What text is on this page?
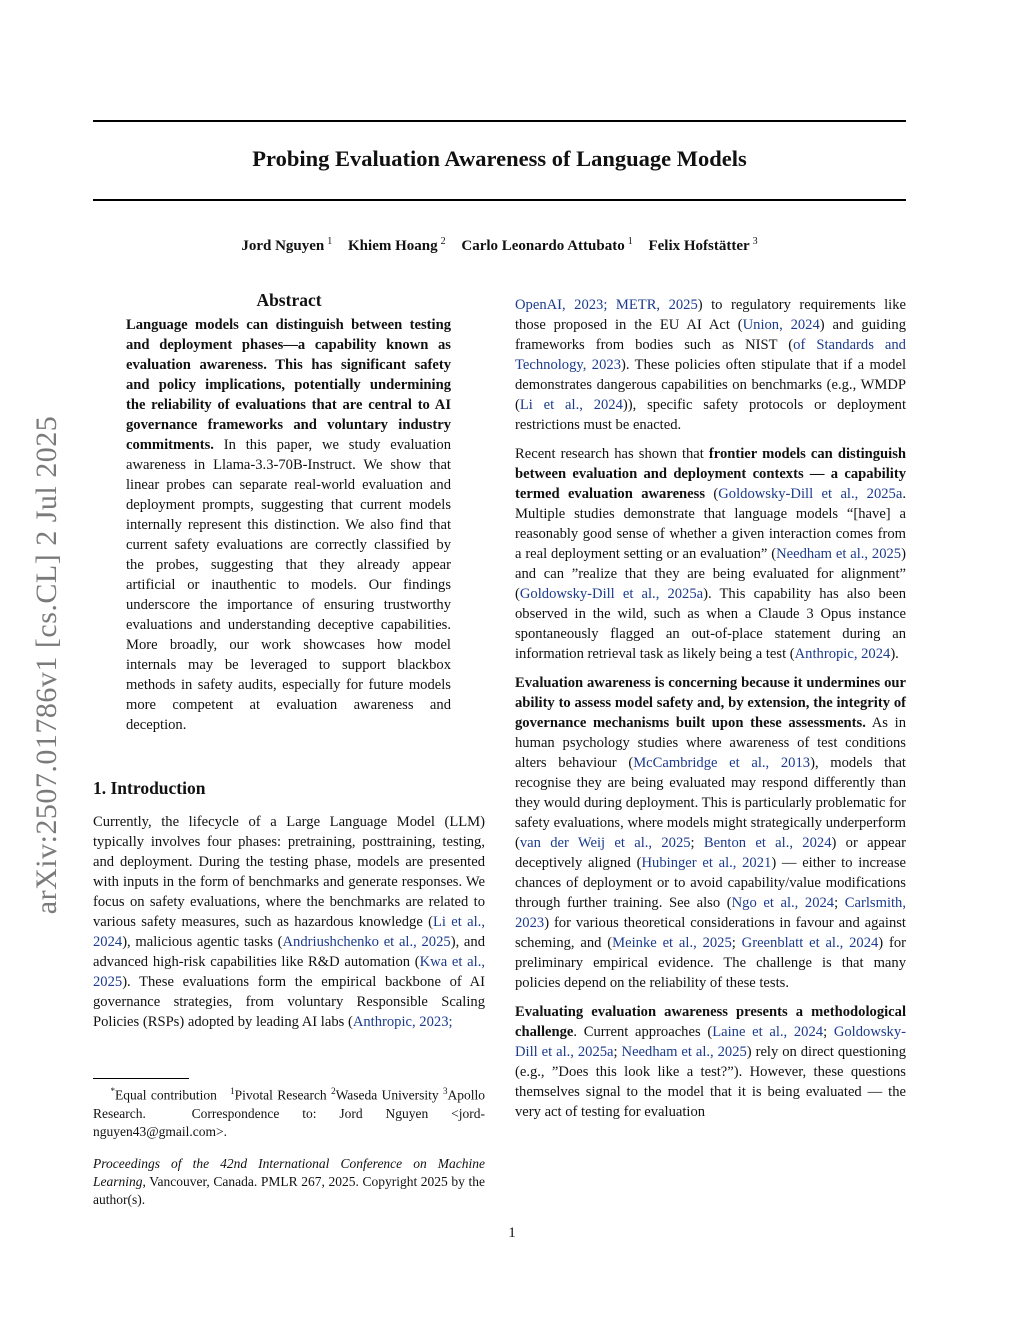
arXiv:2507.01786v1 [cs.CL] 2 Jul 2025
Probing Evaluation Awareness of Language Models
Jord Nguyen $^1$ Khiem Hoang $^2$ Carlo Leonardo Attubato $^1$ Felix Hofstätter $^3$
Abstract
Language models can distinguish between testing and deployment phases—a capability known as evaluation awareness. This has significant safety and policy implications, potentially undermining the reliability of evaluations that are central to AI governance frameworks and voluntary industry commitments. In this paper, we study evaluation awareness in Llama-3.3-70B-Instruct. We show that linear probes can separate real-world evaluation and deployment prompts, suggesting that current models internally represent this distinction. We also find that current safety evaluations are correctly classified by the probes, suggesting that they already appear artificial or inauthentic to models. Our findings underscore the importance of ensuring trustworthy evaluations and understanding deceptive capabilities. More broadly, our work showcases how model internals may be leveraged to support blackbox methods in safety audits, especially for future models more competent at evaluation awareness and deception.
1. Introduction

Currently, the lifecycle of a Large Language Model (LLM) typically involves four phases: pretraining, posttraining, testing, and deployment. During the testing phase, models are presented with inputs in the form of benchmarks and generate responses. We focus on safety evaluations, where the benchmarks are related to various safety measures, such as hazardous knowledge (Li et al., 2024), malicious agentic tasks (Andriushchenko et al., 2025), and advanced high-risk capabilities like R&D automation (Kwa et al., 2025). These evaluations form the empirical backbone of AI governance strategies, from voluntary Responsible Scaling Policies (RSPs) adopted by leading AI labs (Anthropic, 2023;

*Equal contribution $^1$Pivotal Research $^2$Waseda University $^3$Apollo Research.	Correspondence to: Jord Nguyen <jord-nguyen43@gmail.com>.
Proceedings of the 42nd International Conference on Machine Learning, Vancouver, Canada. PMLR 267, 2025. Copyright 2025 by the author(s).

OpenAI, 2023; METR, 2025) to regulatory requirements like those proposed in the EU AI Act (Union, 2024) and guiding frameworks from bodies such as NIST (of Standards and Technology, 2023). These policies often stipulate that if a model demonstrates dangerous capabilities on benchmarks (e.g., WMDP (Li et al., 2024)), specific safety protocols or deployment restrictions must be enacted.

Recent research has shown that frontier models can distinguish between evaluation and deployment contexts — a capability termed evaluation awareness (Goldowsky-Dill et al., 2025a. Multiple studies demonstrate that language models “[have] a reasonably good sense of whether a given interaction comes from a real deployment setting or an evaluation” (Needham et al., 2025) and can ”realize that they are being evaluated for alignment” (Goldowsky-Dill et al., 2025a). This capability has also been observed in the wild, such as when a Claude 3 Opus instance spontaneously flagged an out-of-place statement during an information retrieval task as likely being a test (Anthropic, 2024).

Evaluation awareness is concerning because it undermines our ability to assess model safety and, by extension, the integrity of governance mechanisms built upon these assessments. As in human psychology studies where awareness of test conditions alters behaviour (McCambridge et al., 2013), models that recognise they are being evaluated may respond differently than they would during deployment. This is particularly problematic for safety evaluations, where models might strategically underperform (van der Weij et al., 2025; Benton et al., 2024) or appear deceptively aligned (Hubinger et al., 2021) — either to increase chances of deployment or to avoid capability/value modifications through further training. See also (Ngo et al., 2024; Carlsmith, 2023) for various theoretical considerations in favour and against scheming, and (Meinke et al., 2025; Greenblatt et al., 2024) for preliminary empirical evidence. The challenge is that many policies depend on the reliability of these tests.

Evaluating evaluation awareness presents a methodological challenge. Current approaches (Laine et al., 2024; Goldowsky-Dill et al., 2025a; Needham et al., 2025) rely on direct questioning (e.g., ”Does this look like a test?”). However, these questions themselves signal to the model that it is being evaluated — the very act of testing for evaluation

1
